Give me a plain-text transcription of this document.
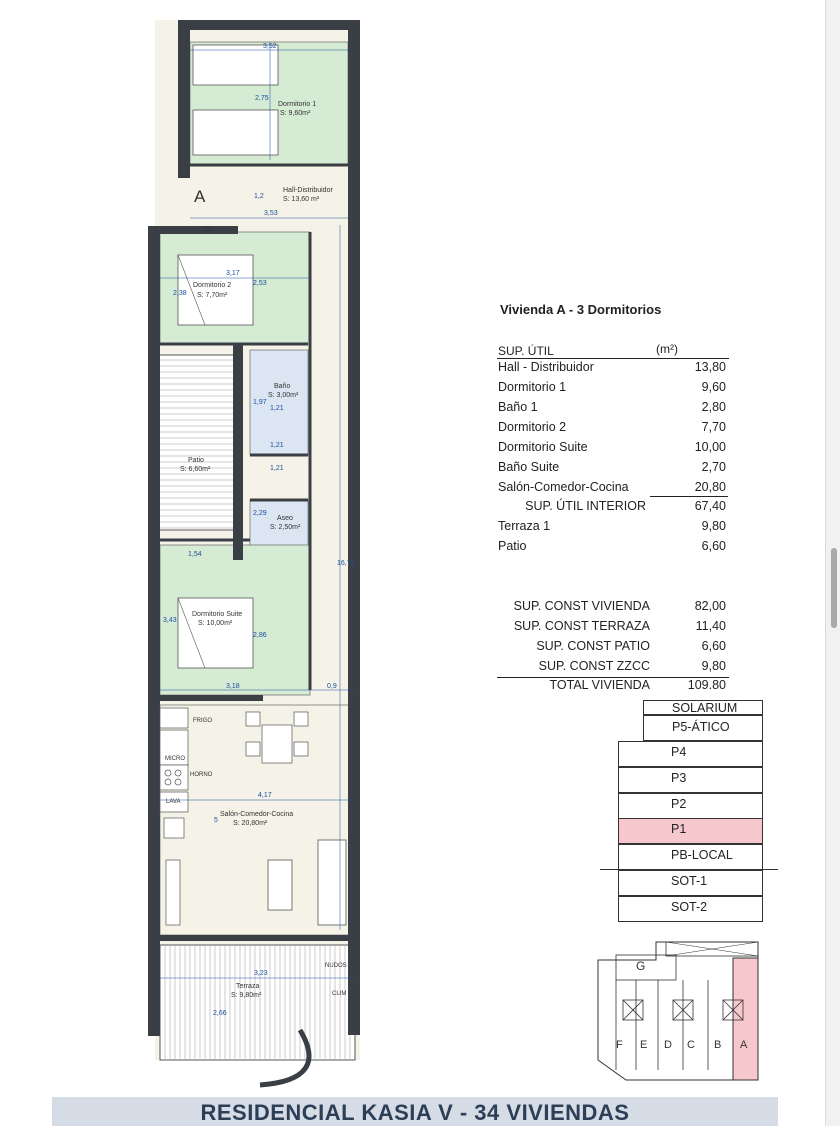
A
Dormitorio 1
S: 9,60m²
Hall-Distribuidor
S: 13,60 m²
Dormitorio 2
S: 7,70m²
Baño
S: 3,00m²
Patio
S: 6,60m²
Aseo
S: 2,50m²
Dormitorio Suite
S: 10,00m²
Salón-Comedor-Cocina
S: 20,80m²
Terraza
S: 9,80m²
CE
FRIGO
MICRO
HORNO
LAVA
NUDOS
CLIM
3,52
2,75
1,2
3,53
3,17
2,38
2,53
1,21
1,21
1,21
1,97
2,29
1,54
3,43
2,86
3,18	0,9
16,71
4,17
5
3,23
2,66
Vivienda A - 3 Dormitorios
SUP. ÚTIL	(m²)
Hall - Distribuidor	13,80
Dormitorio 1	9,60
Baño 1	2,80
Dormitorio 2	7,70
Dormitorio Suite	10,00
Baño Suite	2,70
Salón-Comedor-Cocina	20,80
SUP. ÚTIL INTERIOR	67,40
Terraza 1	9,80
Patio	6,60
SUP. CONST VIVIENDA	82,00
SUP. CONST TERRAZA	11,40
SUP. CONST PATIO	6,60
SUP. CONST ZZCC	9,80
TOTAL VIVIENDA	109.80
SOLARIUM
P5-ÁTICO
P4
P3
P2
P1
PB-LOCAL
SOT-1
SOT-2
G
F E D C B A
RESIDENCIAL KASIA V - 34 VIVIENDAS
